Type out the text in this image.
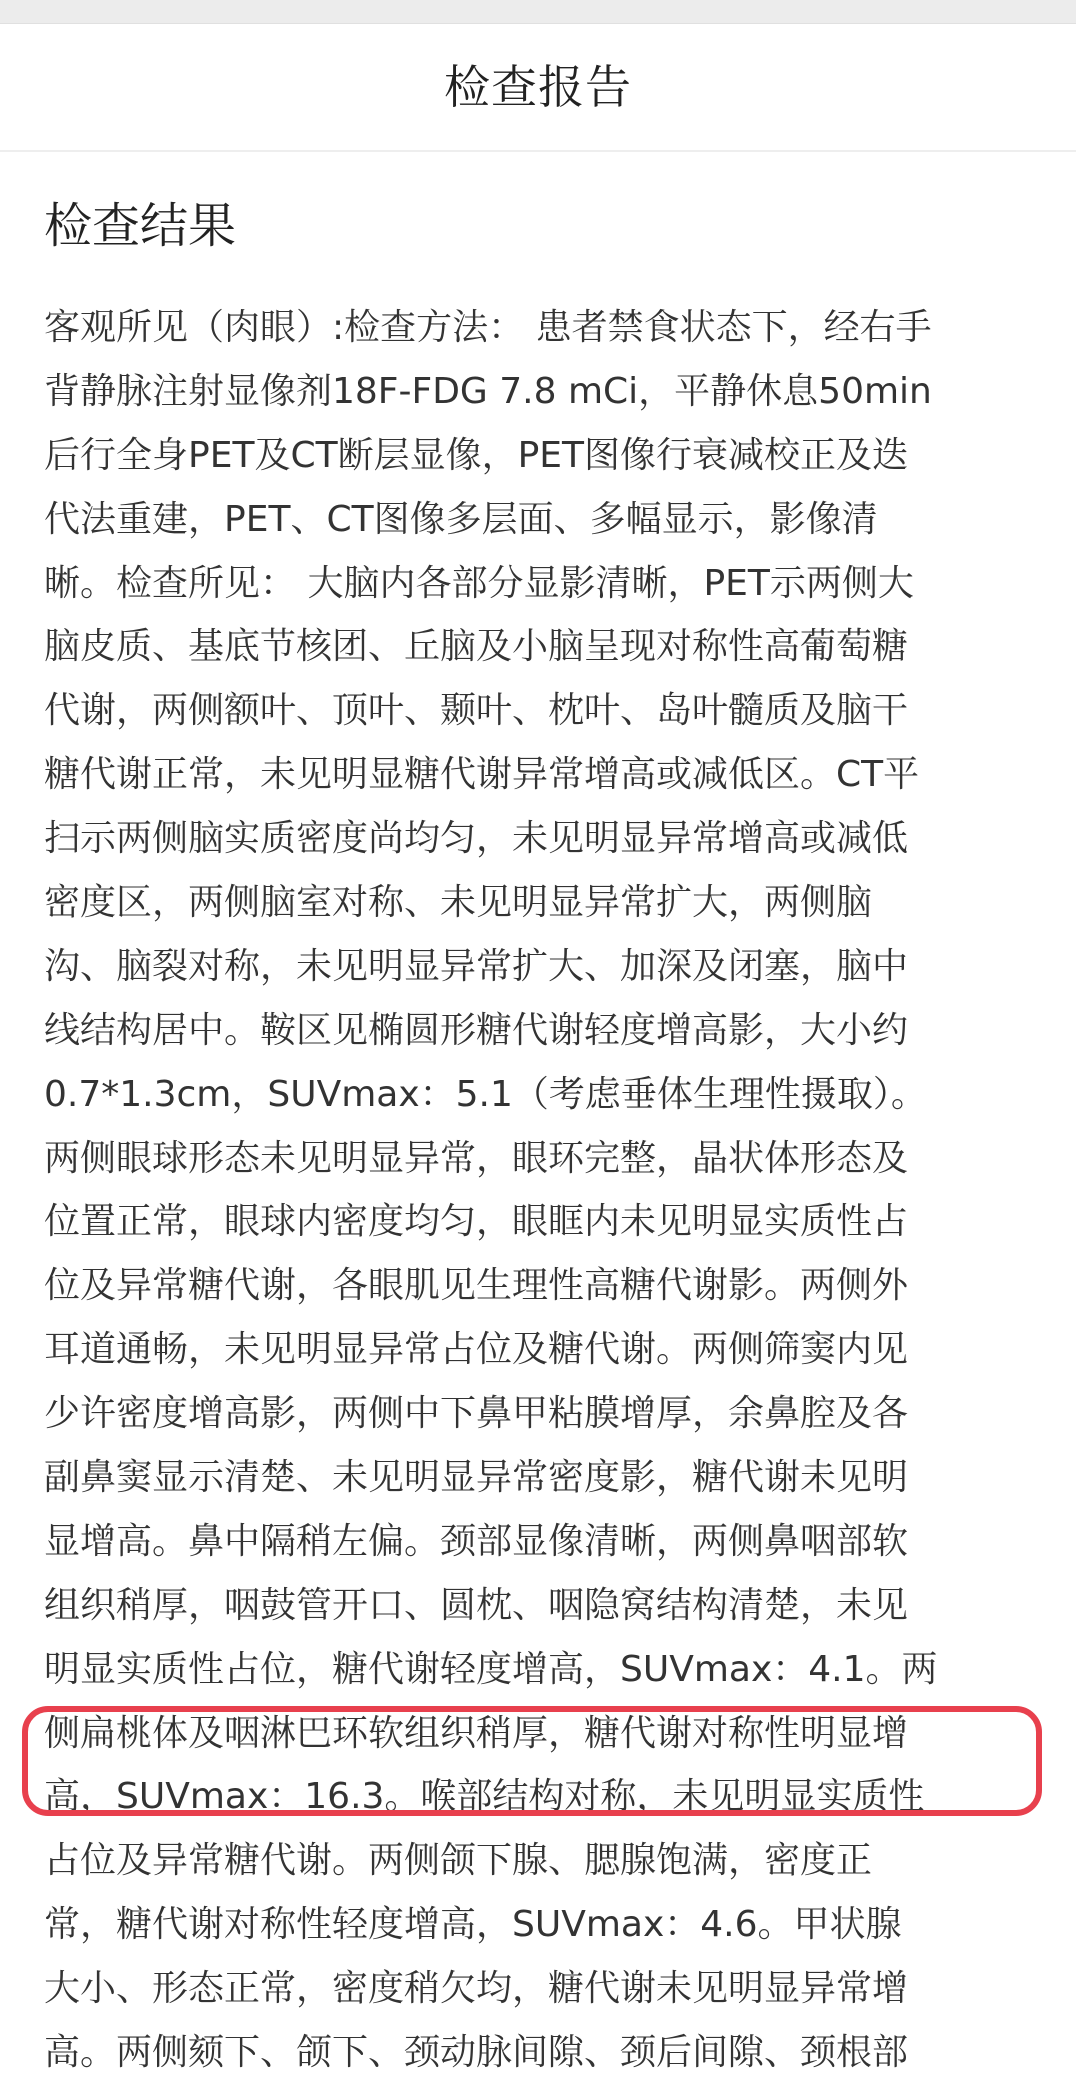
检查报告
检查结果
客观所见（肉眼）:检查方法： 患者禁食状态下，经右手
背静脉注射显像剂18F-FDG 7.8 mCi，平静休息50min
后行全身PET及CT断层显像，PET图像行衰减校正及迭
代法重建，PET、CT图像多层面、多幅显示，影像清
晰。检查所见： 大脑内各部分显影清晰，PET示两侧大
脑皮质、基底节核团、丘脑及小脑呈现对称性高葡萄糖
代谢，两侧额叶、顶叶、颞叶、枕叶、岛叶髓质及脑干
糖代谢正常，未见明显糖代谢异常增高或减低区。CT平
扫示两侧脑实质密度尚均匀，未见明显异常增高或减低
密度区，两侧脑室对称、未见明显异常扩大，两侧脑
沟、脑裂对称，未见明显异常扩大、加深及闭塞，脑中
线结构居中。鞍区见椭圆形糖代谢轻度增高影，大小约
0.7*1.3cm，SUVmax：5.1（考虑垂体生理性摄取）。
两侧眼球形态未见明显异常，眼环完整，晶状体形态及
位置正常，眼球内密度均匀，眼眶内未见明显实质性占
位及异常糖代谢，各眼肌见生理性高糖代谢影。两侧外
耳道通畅，未见明显异常占位及糖代谢。两侧筛窦内见
少许密度增高影，两侧中下鼻甲粘膜增厚，余鼻腔及各
副鼻窦显示清楚、未见明显异常密度影，糖代谢未见明
显增高。鼻中隔稍左偏。颈部显像清晰，两侧鼻咽部软
组织稍厚，咽鼓管开口、圆枕、咽隐窝结构清楚，未见
明显实质性占位，糖代谢轻度增高，SUVmax：4.1。两
侧扁桃体及咽淋巴环软组织稍厚，糖代谢对称性明显增
高，SUVmax：16.3。喉部结构对称，未见明显实质性
占位及异常糖代谢。两侧颌下腺、腮腺饱满，密度正
常，糖代谢对称性轻度增高，SUVmax：4.6。甲状腺
大小、形态正常，密度稍欠均，糖代谢未见明显异常增
高。两侧颏下、颌下、颈动脉间隙、颈后间隙、颈根部
